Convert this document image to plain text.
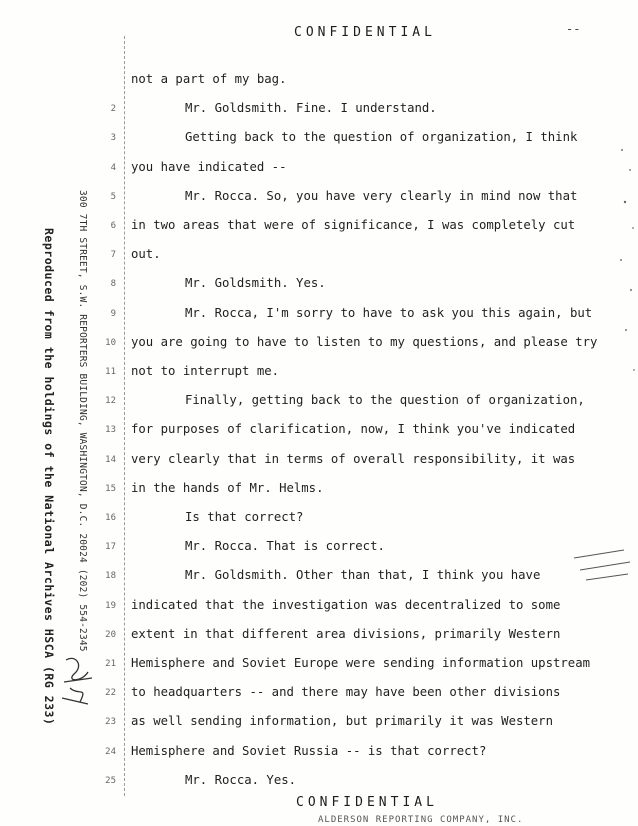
CONFIDENTIAL	--
Reproduced from the holdings of the National Archives HSCA (RG 233) 300 7TH STREET, S.W. REPORTERS BUILDING, WASHINGTON, D.C. 20024 (202) 554-2345
not a part of my bag.
2	Mr. Goldsmith. Fine. I understand.
3	Getting back to the question of organization, I think
4 you have indicated --
5	Mr. Rocca. So, you have very clearly in mind now that
6 in two areas that were of significance, I was completely cut
7 out.
8	Mr. Goldsmith. Yes.
9	Mr. Rocca, I'm sorry to have to ask you this again, but
10 you are going to have to listen to my questions, and please try
11 not to interrupt me.
12	Finally, getting back to the question of organization,
13 for purposes of clarification, now, I think you've indicated
14 very clearly that in terms of overall responsibility, it was
15 in the hands of Mr. Helms.
16	Is that correct?
17	Mr. Rocca. That is correct.
18	Mr. Goldsmith. Other than that, I think you have
19 indicated that the investigation was decentralized to some
20 extent in that different area divisions, primarily Western
21 Hemisphere and Soviet Europe were sending information upstream
22 to headquarters -- and there may have been other divisions
23 as well sending information, but primarily it was Western
24 Hemisphere and Soviet Russia -- is that correct?
25	Mr. Rocca. Yes.
CONFIDENTIAL
ALDERSON REPORTING COMPANY, INC.
